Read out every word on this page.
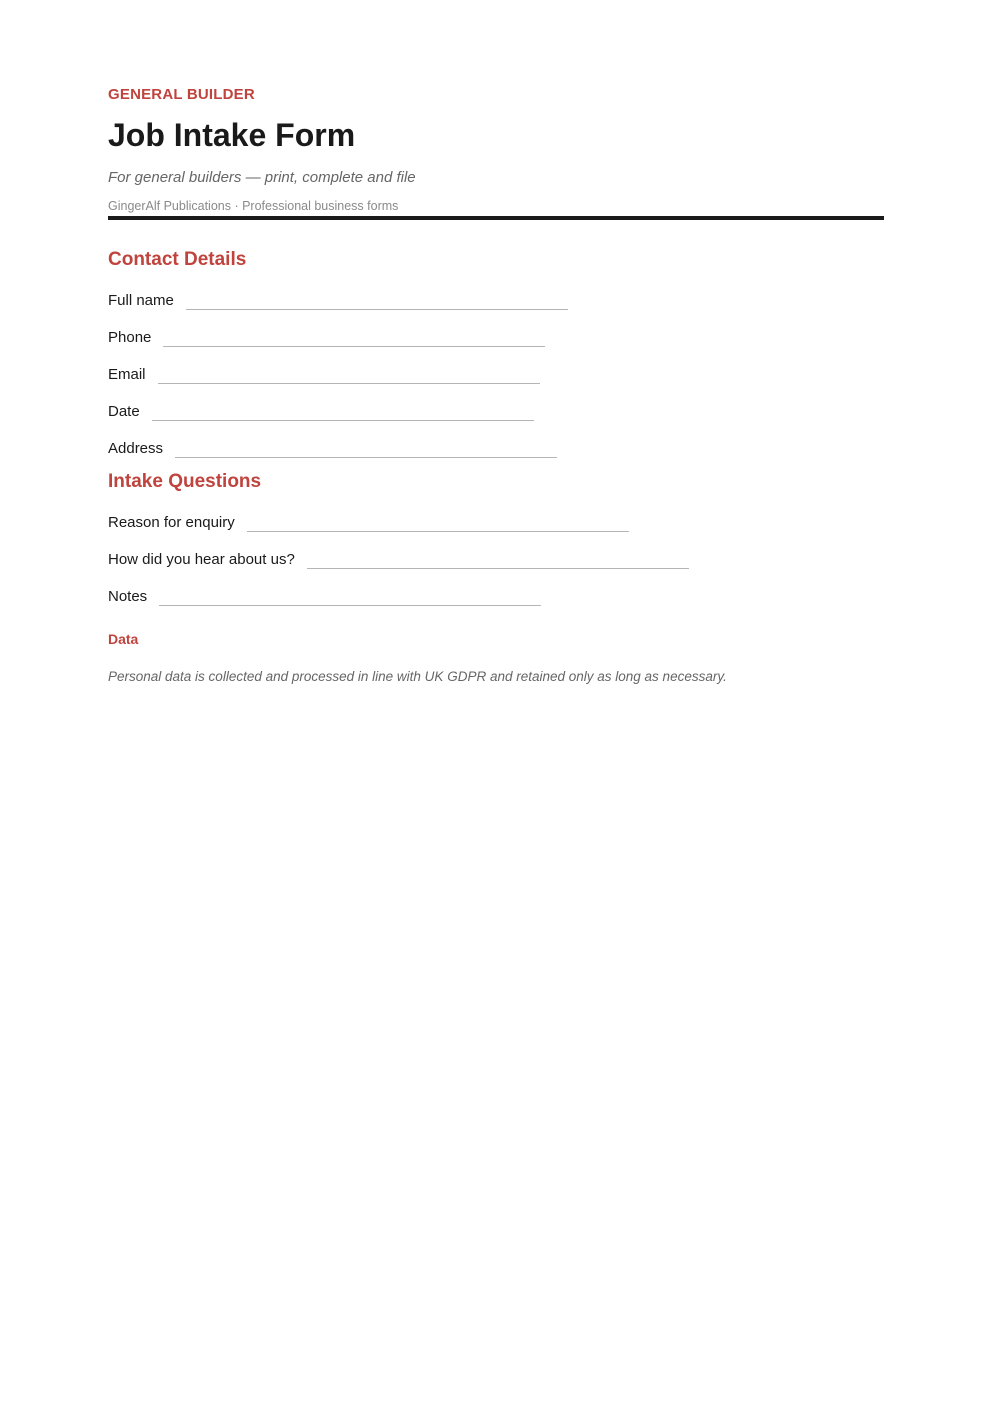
GENERAL BUILDER
Job Intake Form
For general builders — print, complete and file
GingerAlf Publications · Professional business forms
Contact Details
Full name
Phone
Email
Date
Address
Intake Questions
Reason for enquiry
How did you hear about us?
Notes
Data
Personal data is collected and processed in line with UK GDPR and retained only as long as necessary.
